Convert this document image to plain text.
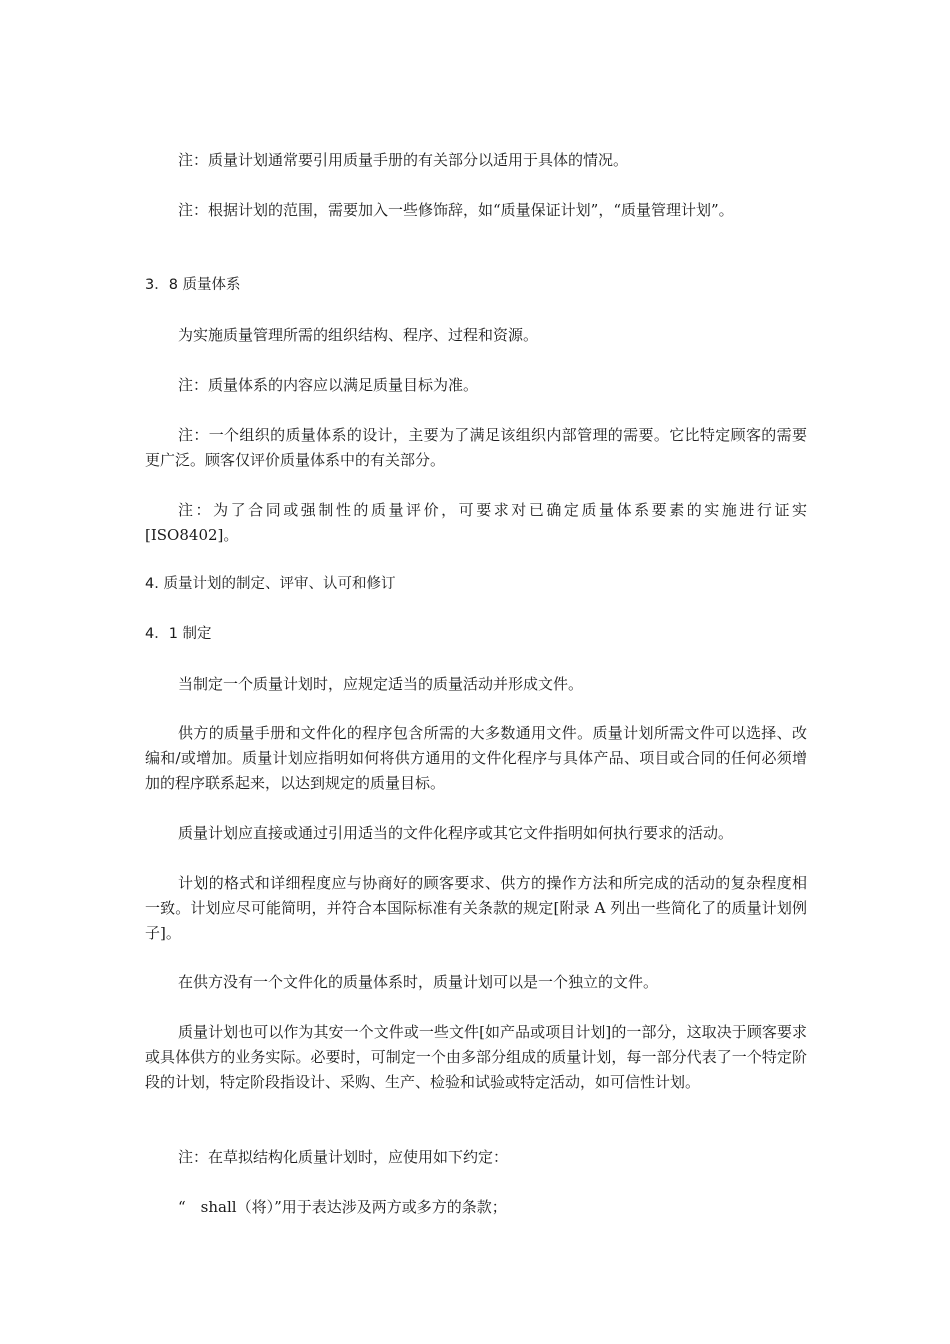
注：质量计划通常要引用质量手册的有关部分以适用于具体的情况。

注：根据计划的范围，需要加入一些修饰辞，如“质量保证计划”，“质量管理计划”。

3．8 质量体系

为实施质量管理所需的组织结构、程序、过程和资源。

注：质量体系的内容应以满足质量目标为准。

注：一个组织的质量体系的设计，主要为了满足该组织内部管理的需要。它比特定顾客的需要更广泛。顾客仅评价质量体系中的有关部分。

注：为了合同或强制性的质量评价，可要求对已确定质量体系要素的实施进行证实[ISO8402]。

4. 质量计划的制定、评审、认可和修订

4．1 制定

当制定一个质量计划时，应规定适当的质量活动并形成文件。

供方的质量手册和文件化的程序包含所需的大多数通用文件。质量计划所需文件可以选择、改编和/或增加。质量计划应指明如何将供方通用的文件化程序与具体产品、项目或合同的任何必须增加的程序联系起来，以达到规定的质量目标。

质量计划应直接或通过引用适当的文件化程序或其它文件指明如何执行要求的活动。

计划的格式和详细程度应与协商好的顾客要求、供方的操作方法和所完成的活动的复杂程度相一致。计划应尽可能简明，并符合本国际标准有关条款的规定[附录 A 列出一些简化了的质量计划例子]。

在供方没有一个文件化的质量体系时，质量计划可以是一个独立的文件。

质量计划也可以作为其安一个文件或一些文件[如产品或项目计划]的一部分，这取决于顾客要求或具体供方的业务实际。必要时，可制定一个由多部分组成的质量计划，每一部分代表了一个特定阶段的计划，特定阶段指设计、采购、生产、检验和试验或特定活动，如可信性计划。

注：在草拟结构化质量计划时，应使用如下约定：

“　shall（将）”用于表达涉及两方或多方的条款；
